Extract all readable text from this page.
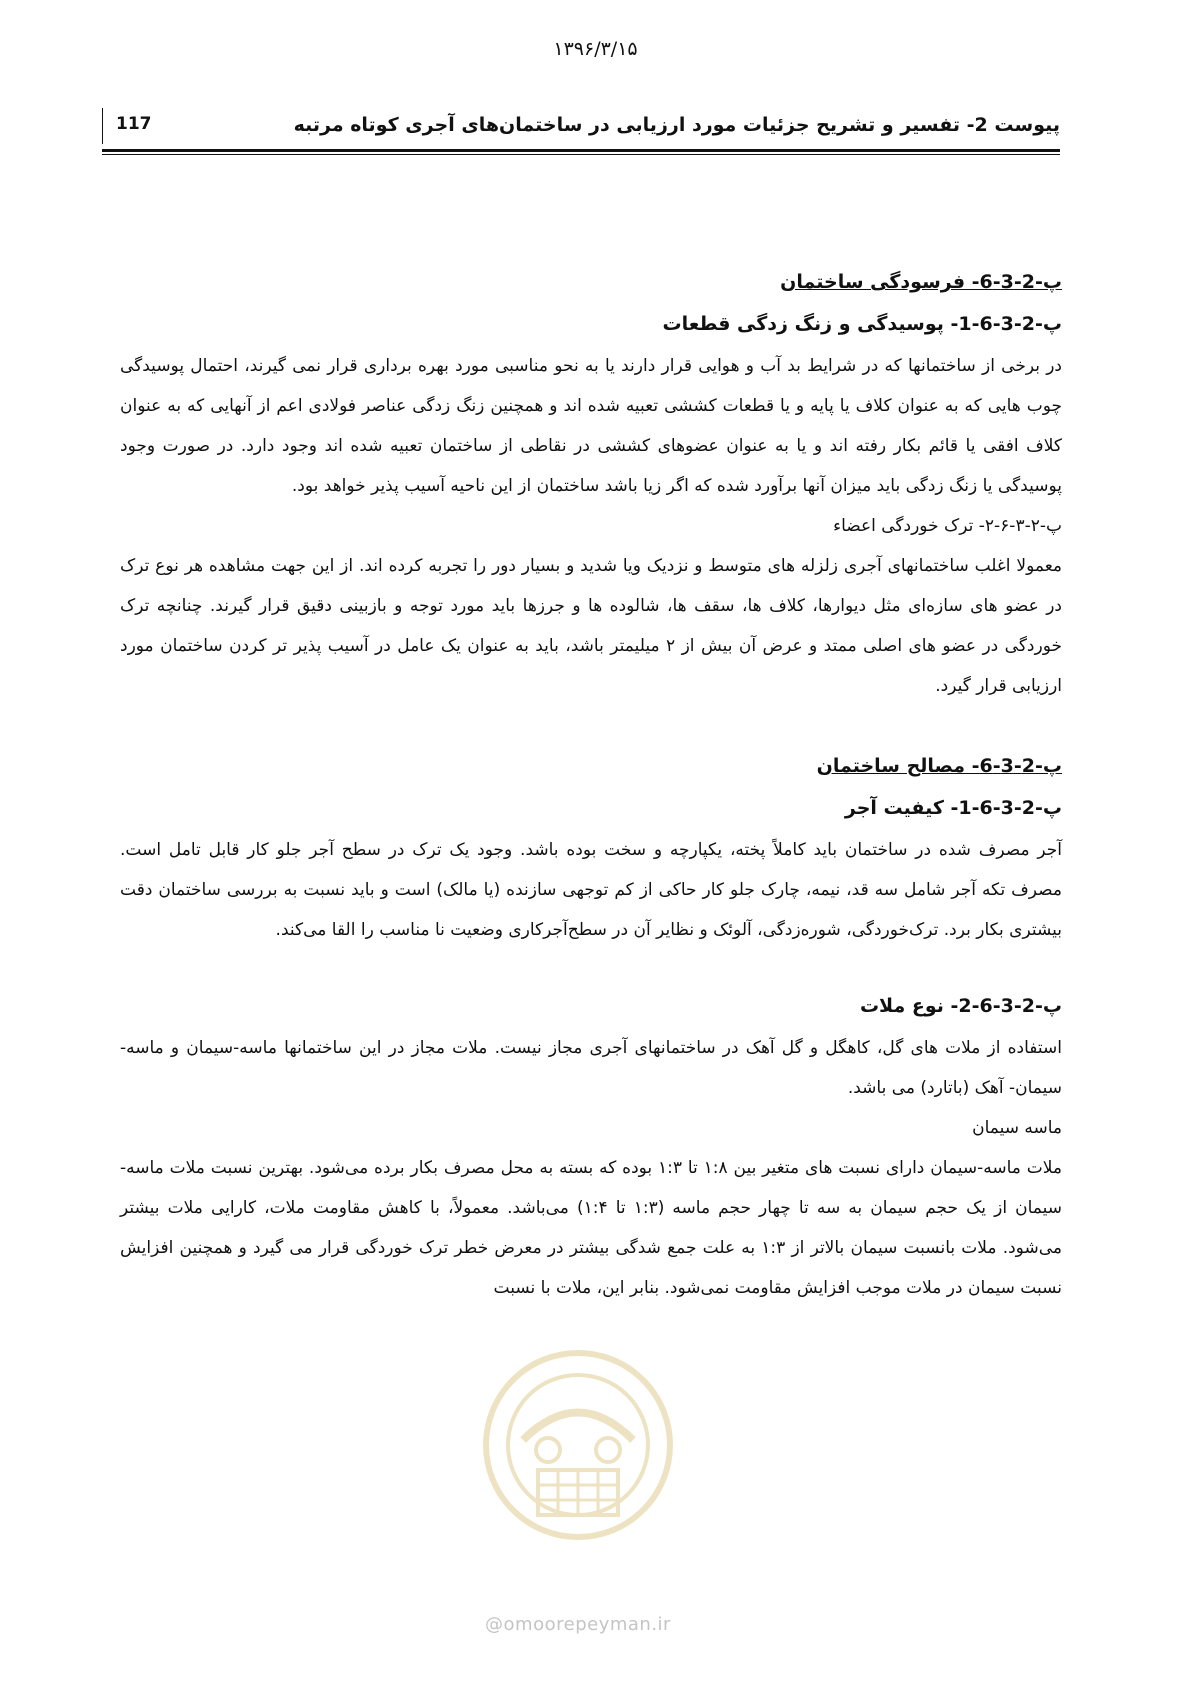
۱۳۹۶/۳/۱۵
117	پیوست 2- تفسیر و تشریح جزئیات مورد ارزیابی در ساختمان‌های آجری کوتاه مرتبه

پ-2-3-6- فرسودگی ساختمان

پ-2-3-6-1- پوسیدگی و زنگ زدگی قطعات

در برخی از ساختمانها که در شرایط بد آب و هوایی قرار دارند یا به نحو مناسبی مورد بهره برداری قرار نمی گیرند، احتمال پوسیدگی چوب هایی که به عنوان کلاف یا پایه و یا قطعات کششی تعبیه شده اند و همچنین زنگ زدگی عناصر فولادی اعم از آنهایی که به عنوان کلاف افقی یا قائم بکار رفته اند و یا به عنوان عضوهای کششی در نقاطی از ساختمان تعبیه شده اند وجود دارد. در صورت وجود پوسیدگی یا زنگ زدگی باید میزان آنها برآورد شده که اگر زیا باشد ساختمان از این ناحیه آسیب پذیر خواهد بود.

پ-۲-۳-۶-۲- ترک خوردگی اعضاء

معمولا اغلب ساختمانهای آجری زلزله های متوسط و نزدیک ویا شدید و بسیار دور را تجربه کرده اند. از این جهت مشاهده هر نوع ترک در عضو های سازه‌ای مثل دیوارها، کلاف ها، سقف ها، شالوده ها و جرزها باید مورد توجه و بازبینی دقیق قرار گیرند. چنانچه ترک خوردگی در عضو های اصلی ممتد و عرض آن بیش از ۲ میلیمتر باشد، باید به عنوان یک عامل در آسیب پذیر تر کردن ساختمان مورد ارزیابی قرار گیرد.

پ-2-3-6- مصالح ساختمان

پ-2-3-6-1- کیفیت آجر

آجر مصرف شده در ساختمان باید کاملاً پخته، یکپارچه و سخت بوده باشد. وجود یک ترک در سطح آجر جلو کار قابل تامل است. مصرف تکه آجر شامل سه قد، نیمه، چارک جلو کار حاکی از کم توجهی سازنده (یا مالک) است و باید نسبت به بررسی ساختمان دقت بیشتری بکار برد. ترک‌خوردگی، شوره‌زدگی، آلوئک و نظایر آن در سطح‌آجرکاری وضعیت نا مناسب را القا می‌کند.

پ-2-3-6-2- نوع ملات

استفاده از ملات های گل، کاهگل و گل آهک در ساختمانهای آجری مجاز نیست. ملات مجاز در این ساختمانها ماسه-سیمان و ماسه-سیمان- آهک (باتارد) می باشد.

ماسه سیمان

ملات ماسه-سیمان دارای نسبت های متغیر بین ۱:۸ تا ۱:۳ بوده که بسته به محل مصرف بکار برده می‌شود. بهترین نسبت ملات ماسه-سیمان از یک حجم سیمان به سه تا چهار حجم ماسه (۱:۳ تا ۱:۴) می‌باشد. معمولاً، با کاهش مقاومت ملات، کارایی ملات بیشتر می‌شود. ملات بانسبت سیمان بالاتر از ۱:۳ به علت جمع شدگی بیشتر در معرض خطر ترک خوردگی قرار می گیرد و همچنین افزایش نسبت سیمان در ملات موجب افزایش مقاومت نمی‌شود. بنابر این، ملات با نسبت

@omoorepeyman.ir
